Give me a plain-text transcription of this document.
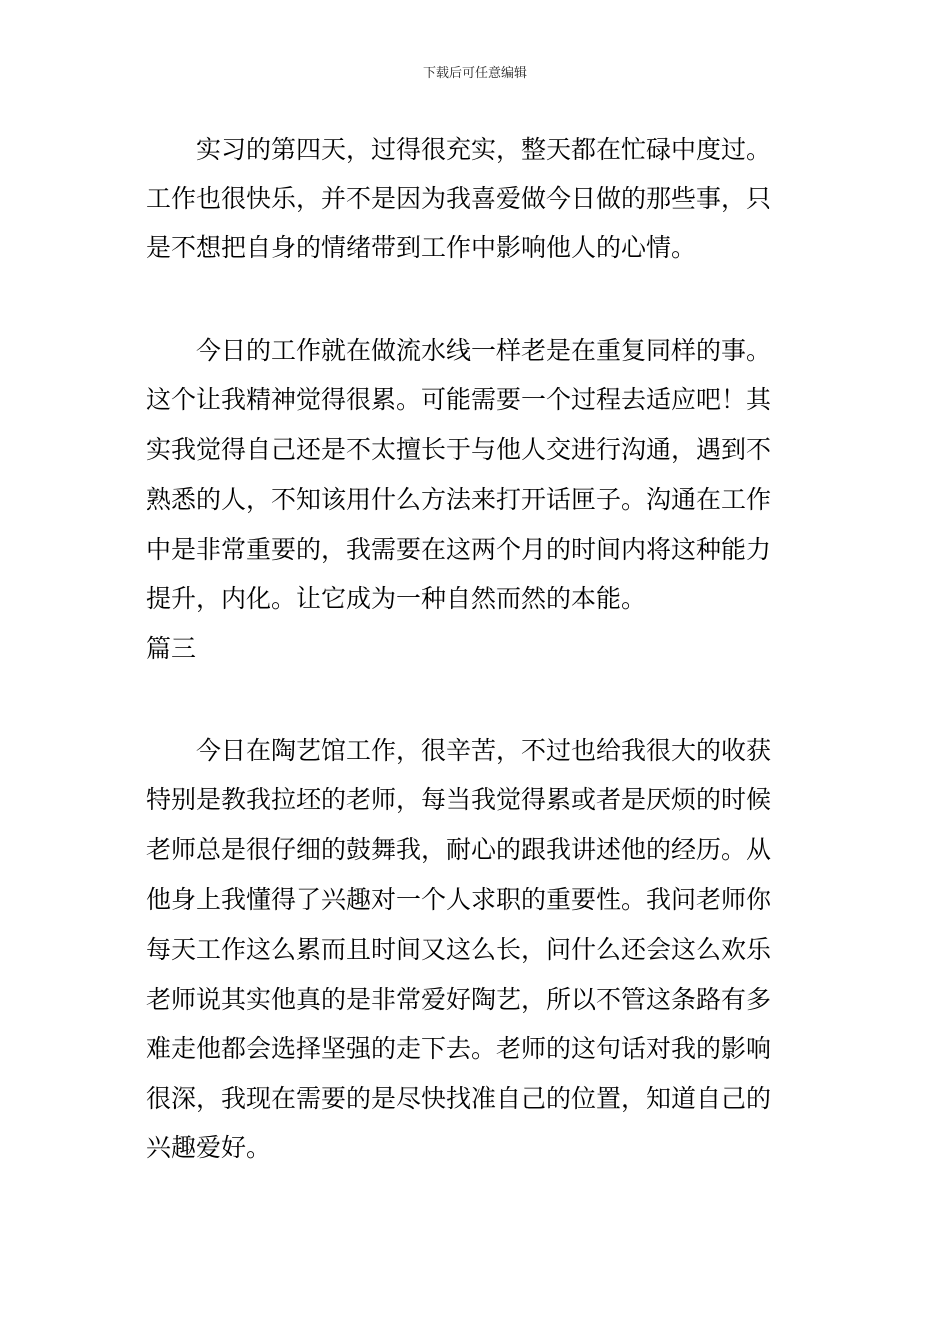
下载后可任意编辑
实习的第四天，过得很充实，整天都在忙碌中度过。
工作也很快乐，并不是因为我喜爱做今日做的那些事，只
是不想把自身的情绪带到工作中影响他人的心情。
今日的工作就在做流水线一样老是在重复同样的事。
这个让我精神觉得很累。可能需要一个过程去适应吧！其
实我觉得自己还是不太擅长于与他人交进行沟通，遇到不
熟悉的人，不知该用什么方法来打开话匣子。沟通在工作
中是非常重要的，我需要在这两个月的时间内将这种能力
提升，内化。让它成为一种自然而然的本能。
篇三
今日在陶艺馆工作，很辛苦，不过也给我很大的收获
特别是教我拉坯的老师，每当我觉得累或者是厌烦的时候
老师总是很仔细的鼓舞我，耐心的跟我讲述他的经历。从
他身上我懂得了兴趣对一个人求职的重要性。我问老师你
每天工作这么累而且时间又这么长，问什么还会这么欢乐
老师说其实他真的是非常爱好陶艺，所以不管这条路有多
难走他都会选择坚强的走下去。老师的这句话对我的影响
很深，我现在需要的是尽快找准自己的位置，知道自己的
兴趣爱好。
